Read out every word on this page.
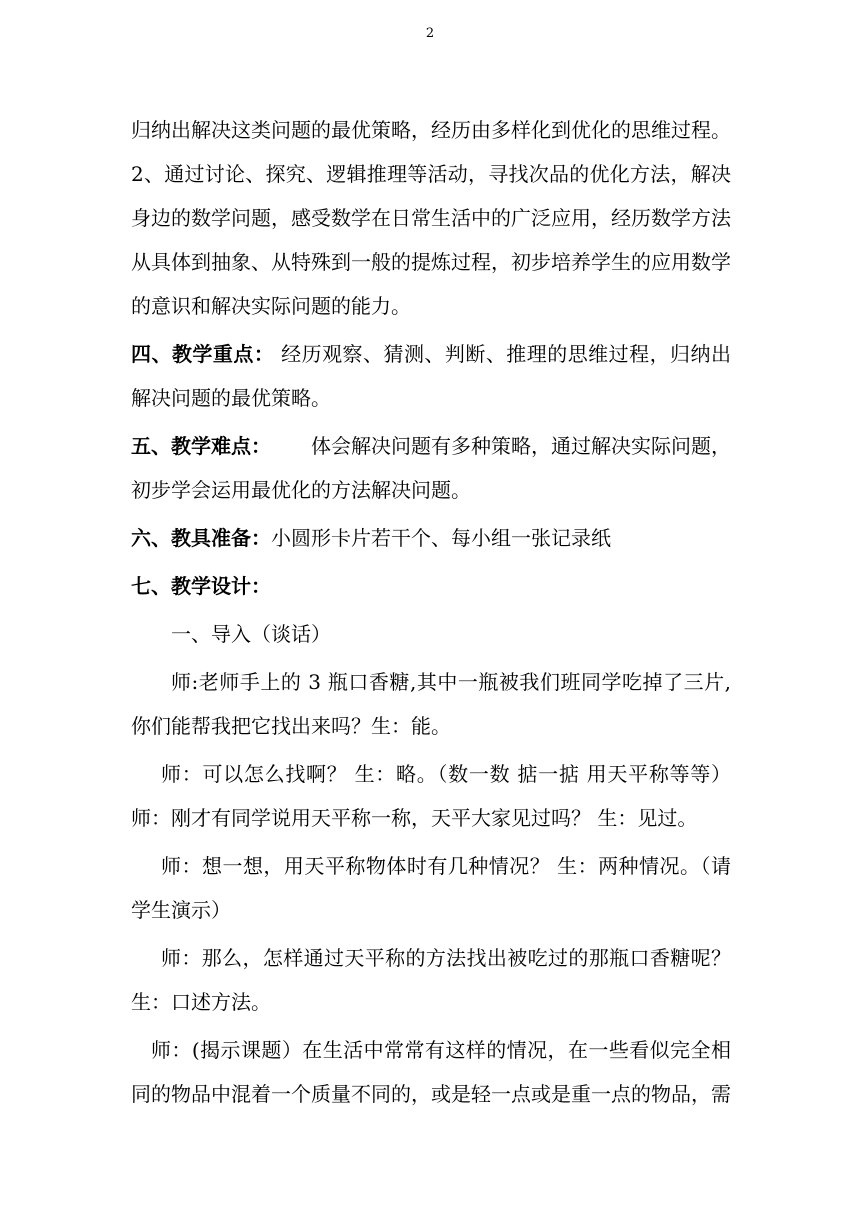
2
归纳出解决这类问题的最优策略，经历由多样化到优化的思维过程。
2、通过讨论、探究、逻辑推理等活动，寻找次品的优化方法，解决
身边的数学问题，感受数学在日常生活中的广泛应用，经历数学方法
从具体到抽象、从特殊到一般的提炼过程，初步培养学生的应用数学
的意识和解决实际问题的能力。
四、教学重点： 经历观察、猜测、判断、推理的思维过程，归纳出
解决问题的最优策略。
五、教学难点： 体会解决问题有多种策略，通过解决实际问题，
初步学会运用最优化的方法解决问题。
六、教具准备：小圆形卡片若干个、每小组一张记录纸
七、教学设计：
一、导入（谈话）
师:老师手上的 3 瓶口香糖,其中一瓶被我们班同学吃掉了三片,
你们能帮我把它找出来吗？生：能。
师：可以怎么找啊？ 生：略。（数一数 掂一掂 用天平称等等）
师：刚才有同学说用天平称一称，天平大家见过吗？ 生：见过。
师：想一想，用天平称物体时有几种情况？ 生：两种情况。（请
学生演示）
师：那么，怎样通过天平称的方法找出被吃过的那瓶口香糖呢？
生：口述方法。
师：(揭示课题）在生活中常常有这样的情况，在一些看似完全相
同的物品中混着一个质量不同的，或是轻一点或是重一点的物品，需
